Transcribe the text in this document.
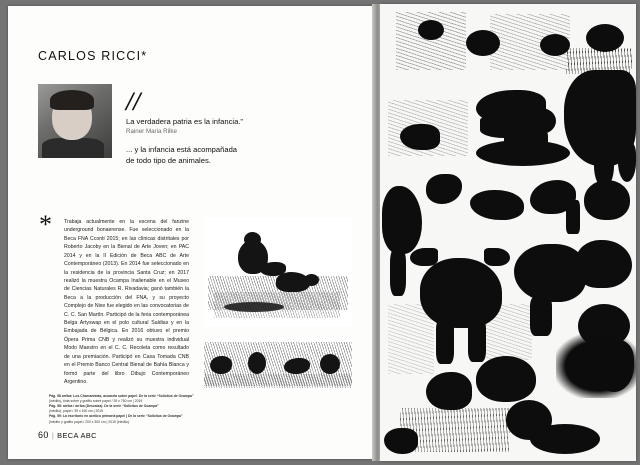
CARLOS RICCI*
//
La verdadera patria es la infancia.”
Rainer Maria Rilke
... y la infancia está acompañada de todo tipo de animales.
* Trabaja actualmente en la escena del fanzine underground bonaerense. Fue seleccionado en la Beca FNA Cconti 2015; en las clínicas distritales por Roberto Jacoby en la Bienal de Arte Joven; en PAC 2014 y en la II Edición de Beca ABC de Arte Contemporáneo (2013). En 2014 fue seleccionado en la residencia de la provincia Santa Cruz; en 2017 realizó la muestra Ocampa Inalienable en el Museo de Ciencias Naturales R. Rivadavia; ganó también la Beca a la producción del FNA, y su proyecto Complejo de Nixe fue elegido en las convocatorias de C. C. San Martín. Participó de la feria contemporánea Belga Artyswap en el polo cultural Saldias y en la Embajada de Bélgica. En 2016 obtuvo el premio Ópera Prima CNB y realizó su muestra individual Modo Maestro en el C. C. Recoleta como resultado de una premiación. Participó en Casa Tomada CNB en el Premio Banco Central Bienal de Bahía Blanca y formó parte del libro Dibujo Contemporáneo Argentino.
Pág. 58 arriba: Los Chamanistas, acuarela sobre papel. De la serie “Solicitus de Ocampa”
(inédito), tinta sobre y grafito sobre papel / 39 x 750 cm | 2019
Pág. 58: arriba / arriba (Descalza). De la serie “Solicitus de Ocampa”
(inédito), papel / 39 x 150 cm | 2015
Pág. 59: La escritorio en acrílico primaria papel | De la serie “Solicitus de Ocampa”
(inédito y grafito papel / 200 x 300 cm | 2019 (inédito).
60 | BECA ABC
